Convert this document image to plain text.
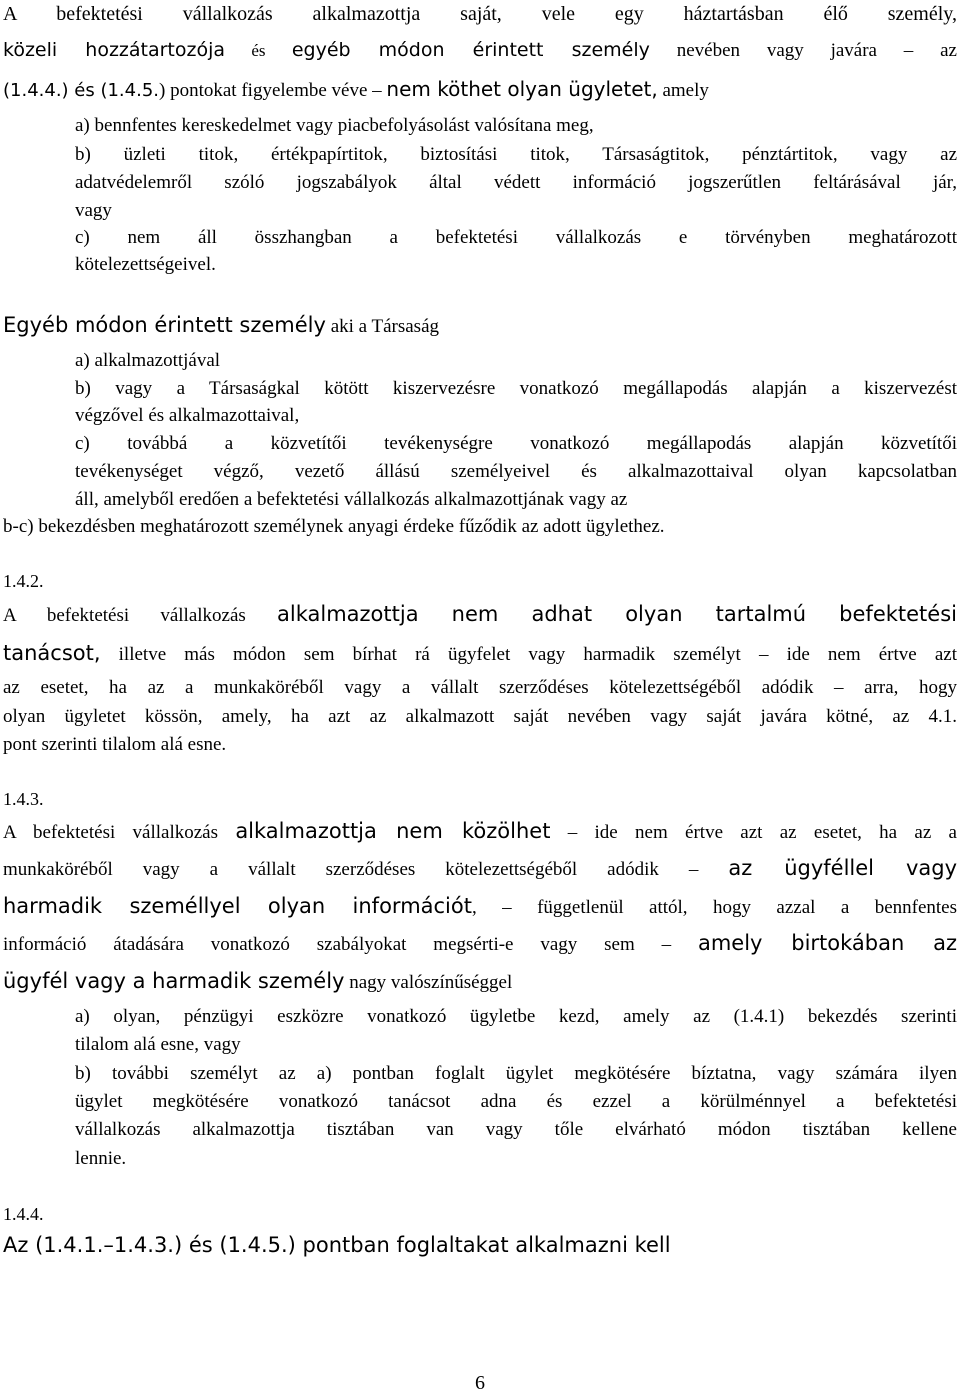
A befektetési vállalkozás alkalmazottja saját, vele egy háztartásban élő személy,
közeli hozzátartozója és egyéb módon érintett személy nevében vagy javára – az
(1.4.4.) és (1.4.5.) pontokat figyelembe véve – nem köthet olyan ügyletet, amely
a) bennfentes kereskedelmet vagy piacbefolyásolást valósítana meg,
b) üzleti titok, értékpapírtitok, biztosítási titok, Társaságtitok, pénztártitok, vagy az
adatvédelemről szóló jogszabályok által védett információ jogszerűtlen feltárásával jár,
vagy
c) nem áll összhangban a befektetési vállalkozás e törvényben meghatározott
kötelezettségeivel.
Egyéb módon érintett személy aki a Társaság
a) alkalmazottjával
b) vagy a Társaságkal kötött kiszervezésre vonatkozó megállapodás alapján a kiszervezést
végzővel és alkalmazottaival,
c) továbbá a közvetítői tevékenységre vonatkozó megállapodás alapján közvetítői
tevékenységet végző, vezető állású személyeivel és alkalmazottaival olyan kapcsolatban
áll, amelyből eredően a befektetési vállalkozás alkalmazottjának vagy az
b-c) bekezdésben meghatározott személynek anyagi érdeke fűződik az adott ügylethez.
1.4.2.
A befektetési vállalkozás alkalmazottja nem adhat olyan tartalmú befektetési
tanácsot, illetve más módon sem bírhat rá ügyfelet vagy harmadik személyt – ide nem értve azt
az esetet, ha az a munkaköréből vagy a vállalt szerződéses kötelezettségéből adódik – arra, hogy
olyan ügyletet kössön, amely, ha azt az alkalmazott saját nevében vagy saját javára kötné, az 4.1.
pont szerinti tilalom alá esne.
1.4.3.
A befektetési vállalkozás alkalmazottja nem közölhet – ide nem értve azt az esetet, ha az a
munkaköréből vagy a vállalt szerződéses kötelezettségéből adódik – az ügyféllel vagy
harmadik személlyel olyan információt, – függetlenül attól, hogy azzal a bennfentes
információ átadására vonatkozó szabályokat megsérti-e vagy sem – amely birtokában az
ügyfél vagy a harmadik személy nagy valószínűséggel
a) olyan, pénzügyi eszközre vonatkozó ügyletbe kezd, amely az (1.4.1) bekezdés szerinti
tilalom alá esne, vagy
b) további személyt az a) pontban foglalt ügylet megkötésére bíztatna, vagy számára ilyen
ügylet megkötésére vonatkozó tanácsot adna és ezzel a körülménnyel a befektetési
vállalkozás alkalmazottja tisztában van vagy tőle elvárható módon tisztában kellene
lennie.
1.4.4.
Az (1.4.1.–1.4.3.) és (1.4.5.) pontban foglaltakat alkalmazni kell
6
